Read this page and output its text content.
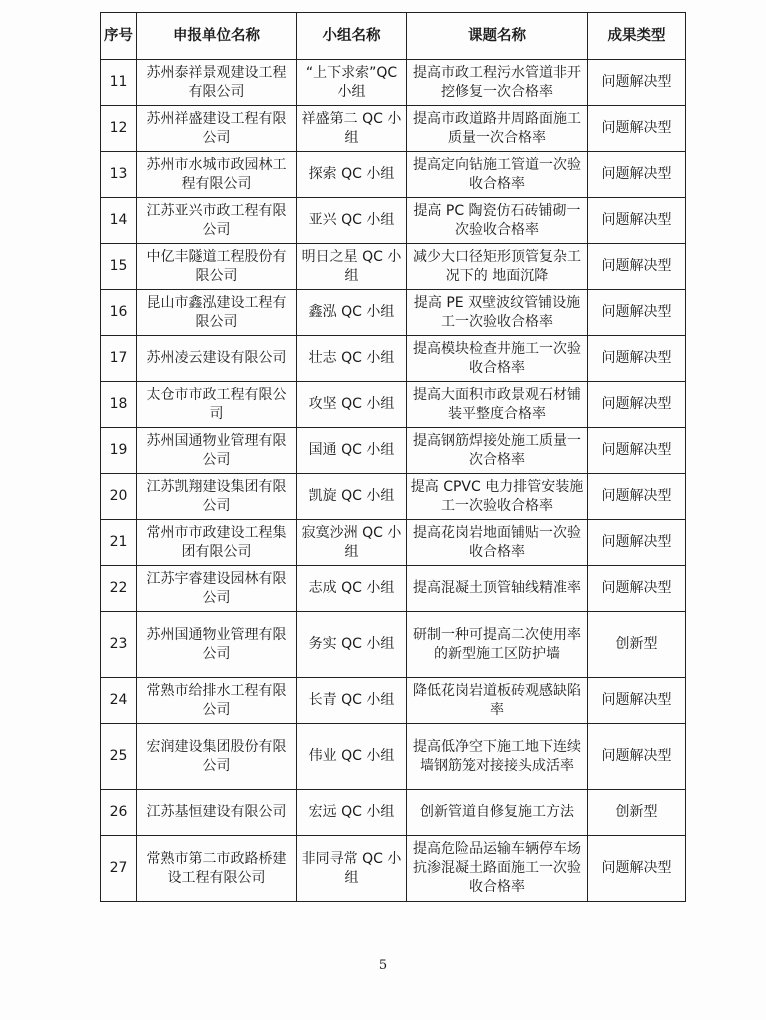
序号	申报单位名称	小组名称	课题名称	成果类型
11	苏州泰祥景观建设工程有限公司	“上下求索”QC 小组	提高市政工程污水管道非开挖修复一次合格率	问题解决型
12	苏州祥盛建设工程有限公司	祥盛第二 QC 小组	提高市政道路井周路面施工质量一次合格率	问题解决型
13	苏州市水城市政园林工程有限公司	探索 QC 小组	提高定向钻施工管道一次验收合格率	问题解决型
14	江苏亚兴市政工程有限公司	亚兴 QC 小组	提高 PC 陶瓷仿石砖铺砌一次验收合格率	问题解决型
15	中亿丰隧道工程股份有限公司	明日之星 QC 小组	减少大口径矩形顶管复杂工况下的 地面沉降	问题解决型
16	昆山市鑫泓建设工程有限公司	鑫泓 QC 小组	提高 PE 双壁波纹管铺设施工一次验收合格率	问题解决型
17	苏州凌云建设有限公司	壮志 QC 小组	提高模块检查井施工一次验收合格率	问题解决型
18	太仓市市政工程有限公司	攻坚 QC 小组	提高大面积市政景观石材铺装平整度合格率	问题解决型
19	苏州国通物业管理有限公司	国通 QC 小组	提高钢筋焊接处施工质量一次合格率	问题解决型
20	江苏凯翔建设集团有限公司	凯旋 QC 小组	提高 CPVC 电力排管安装施工一次验收合格率	问题解决型
21	常州市市政建设工程集团有限公司	寂寞沙洲 QC 小组	提高花岗岩地面铺贴一次验收合格率	问题解决型
22	江苏宇睿建设园林有限公司	志成 QC 小组	提高混凝土顶管轴线精准率	问题解决型
23	苏州国通物业管理有限公司	务实 QC 小组	研制一种可提高二次使用率的新型施工区防护墙	创新型
24	常熟市给排水工程有限公司	长青 QC 小组	降低花岗岩道板砖观感缺陷率	问题解决型
25	宏润建设集团股份有限公司	伟业 QC 小组	提高低净空下施工地下连续墙钢筋笼对接接头成活率	问题解决型
26	江苏基恒建设有限公司	宏远 QC 小组	创新管道自修复施工方法	创新型
27	常熟市第二市政路桥建设工程有限公司	非同寻常 QC 小组	提高危险品运输车辆停车场抗渗混凝土路面施工一次验收合格率	问题解决型
5
